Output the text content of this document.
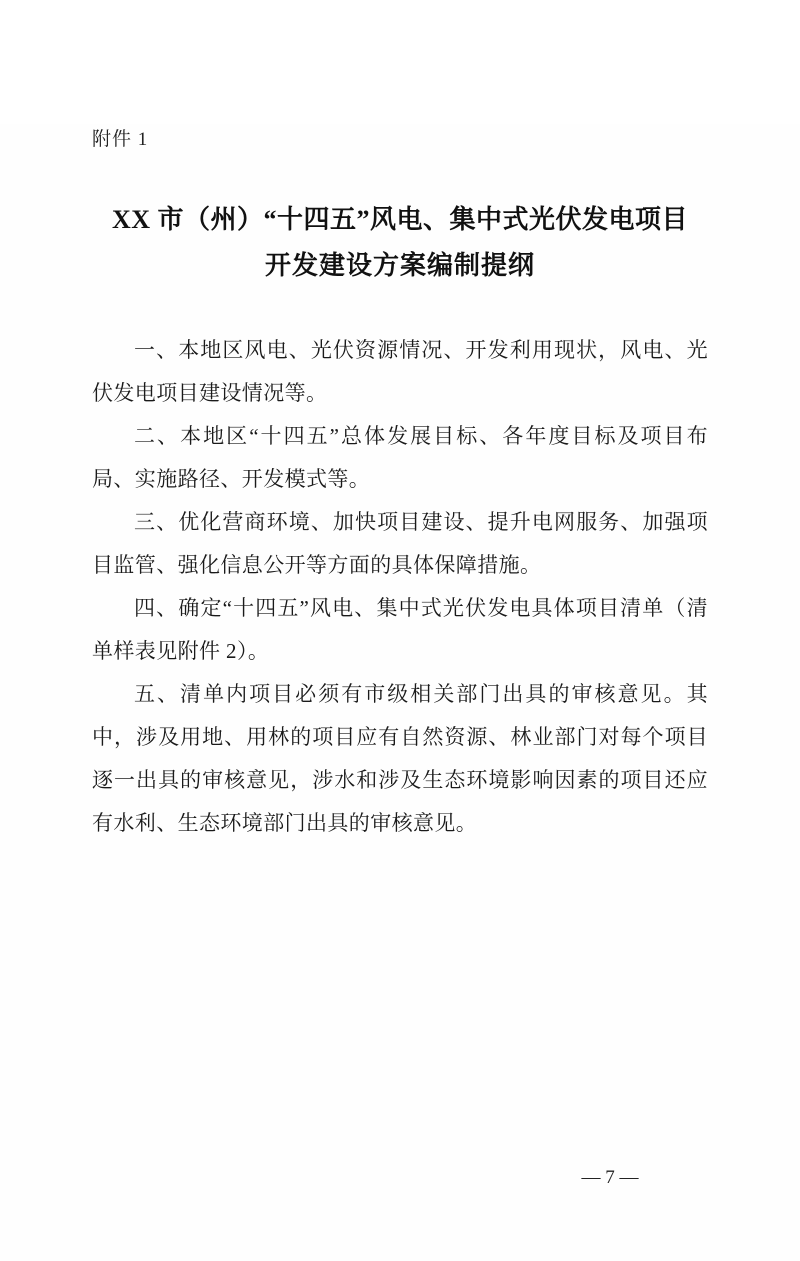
附件 1
XX 市（州）“十四五”风电、集中式光伏发电项目
开发建设方案编制提纲

一、本地区风电、光伏资源情况、开发利用现状，风电、光伏发电项目建设情况等。

二、本地区“十四五”总体发展目标、各年度目标及项目布局、实施路径、开发模式等。

三、优化营商环境、加快项目建设、提升电网服务、加强项目监管、强化信息公开等方面的具体保障措施。

四、确定“十四五”风电、集中式光伏发电具体项目清单（清单样表见附件 2）。

五、清单内项目必须有市级相关部门出具的审核意见。其中，涉及用地、用林的项目应有自然资源、林业部门对每个项目逐一出具的审核意见，涉水和涉及生态环境影响因素的项目还应有水利、生态环境部门出具的审核意见。

— 7 —
